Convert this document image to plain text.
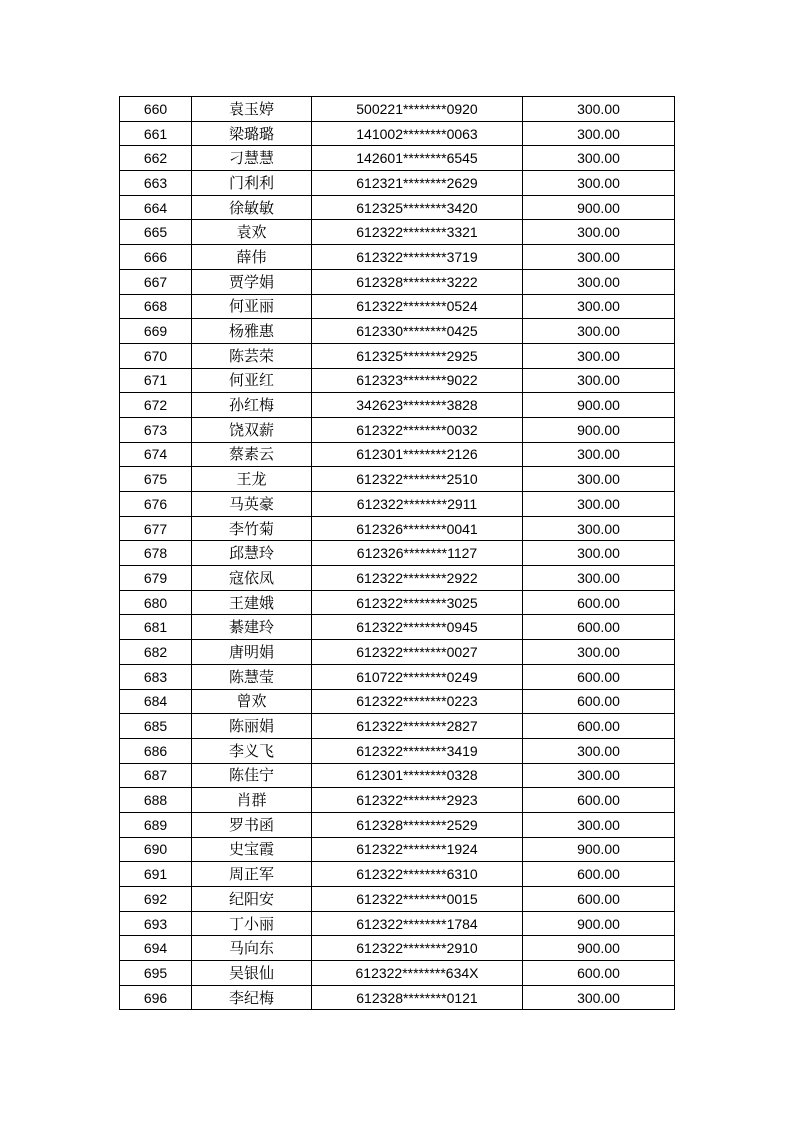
660	袁玉婷	500221********0920	300.00
661	梁璐璐	141002********0063	300.00
662	刁慧慧	142601********6545	300.00
663	门利利	612321********2629	300.00
664	徐敏敏	612325********3420	900.00
665	袁欢	612322********3321	300.00
666	薛伟	612322********3719	300.00
667	贾学娟	612328********3222	300.00
668	何亚丽	612322********0524	300.00
669	杨雅惠	612330********0425	300.00
670	陈芸荣	612325********2925	300.00
671	何亚红	612323********9022	300.00
672	孙红梅	342623********3828	900.00
673	饶双薪	612322********0032	900.00
674	蔡素云	612301********2126	300.00
675	王龙	612322********2510	300.00
676	马英豪	612322********2911	300.00
677	李竹菊	612326********0041	300.00
678	邱慧玲	612326********1127	300.00
679	寇依凤	612322********2922	300.00
680	王建娥	612322********3025	600.00
681	綦建玲	612322********0945	600.00
682	唐明娟	612322********0027	300.00
683	陈慧莹	610722********0249	600.00
684	曾欢	612322********0223	600.00
685	陈丽娟	612322********2827	600.00
686	李义飞	612322********3419	300.00
687	陈佳宁	612301********0328	300.00
688	肖群	612322********2923	600.00
689	罗书函	612328********2529	300.00
690	史宝霞	612322********1924	900.00
691	周正军	612322********6310	600.00
692	纪阳安	612322********0015	600.00
693	丁小丽	612322********1784	900.00
694	马向东	612322********2910	900.00
695	吴银仙	612322********634X	600.00
696	李纪梅	612328********0121	300.00
